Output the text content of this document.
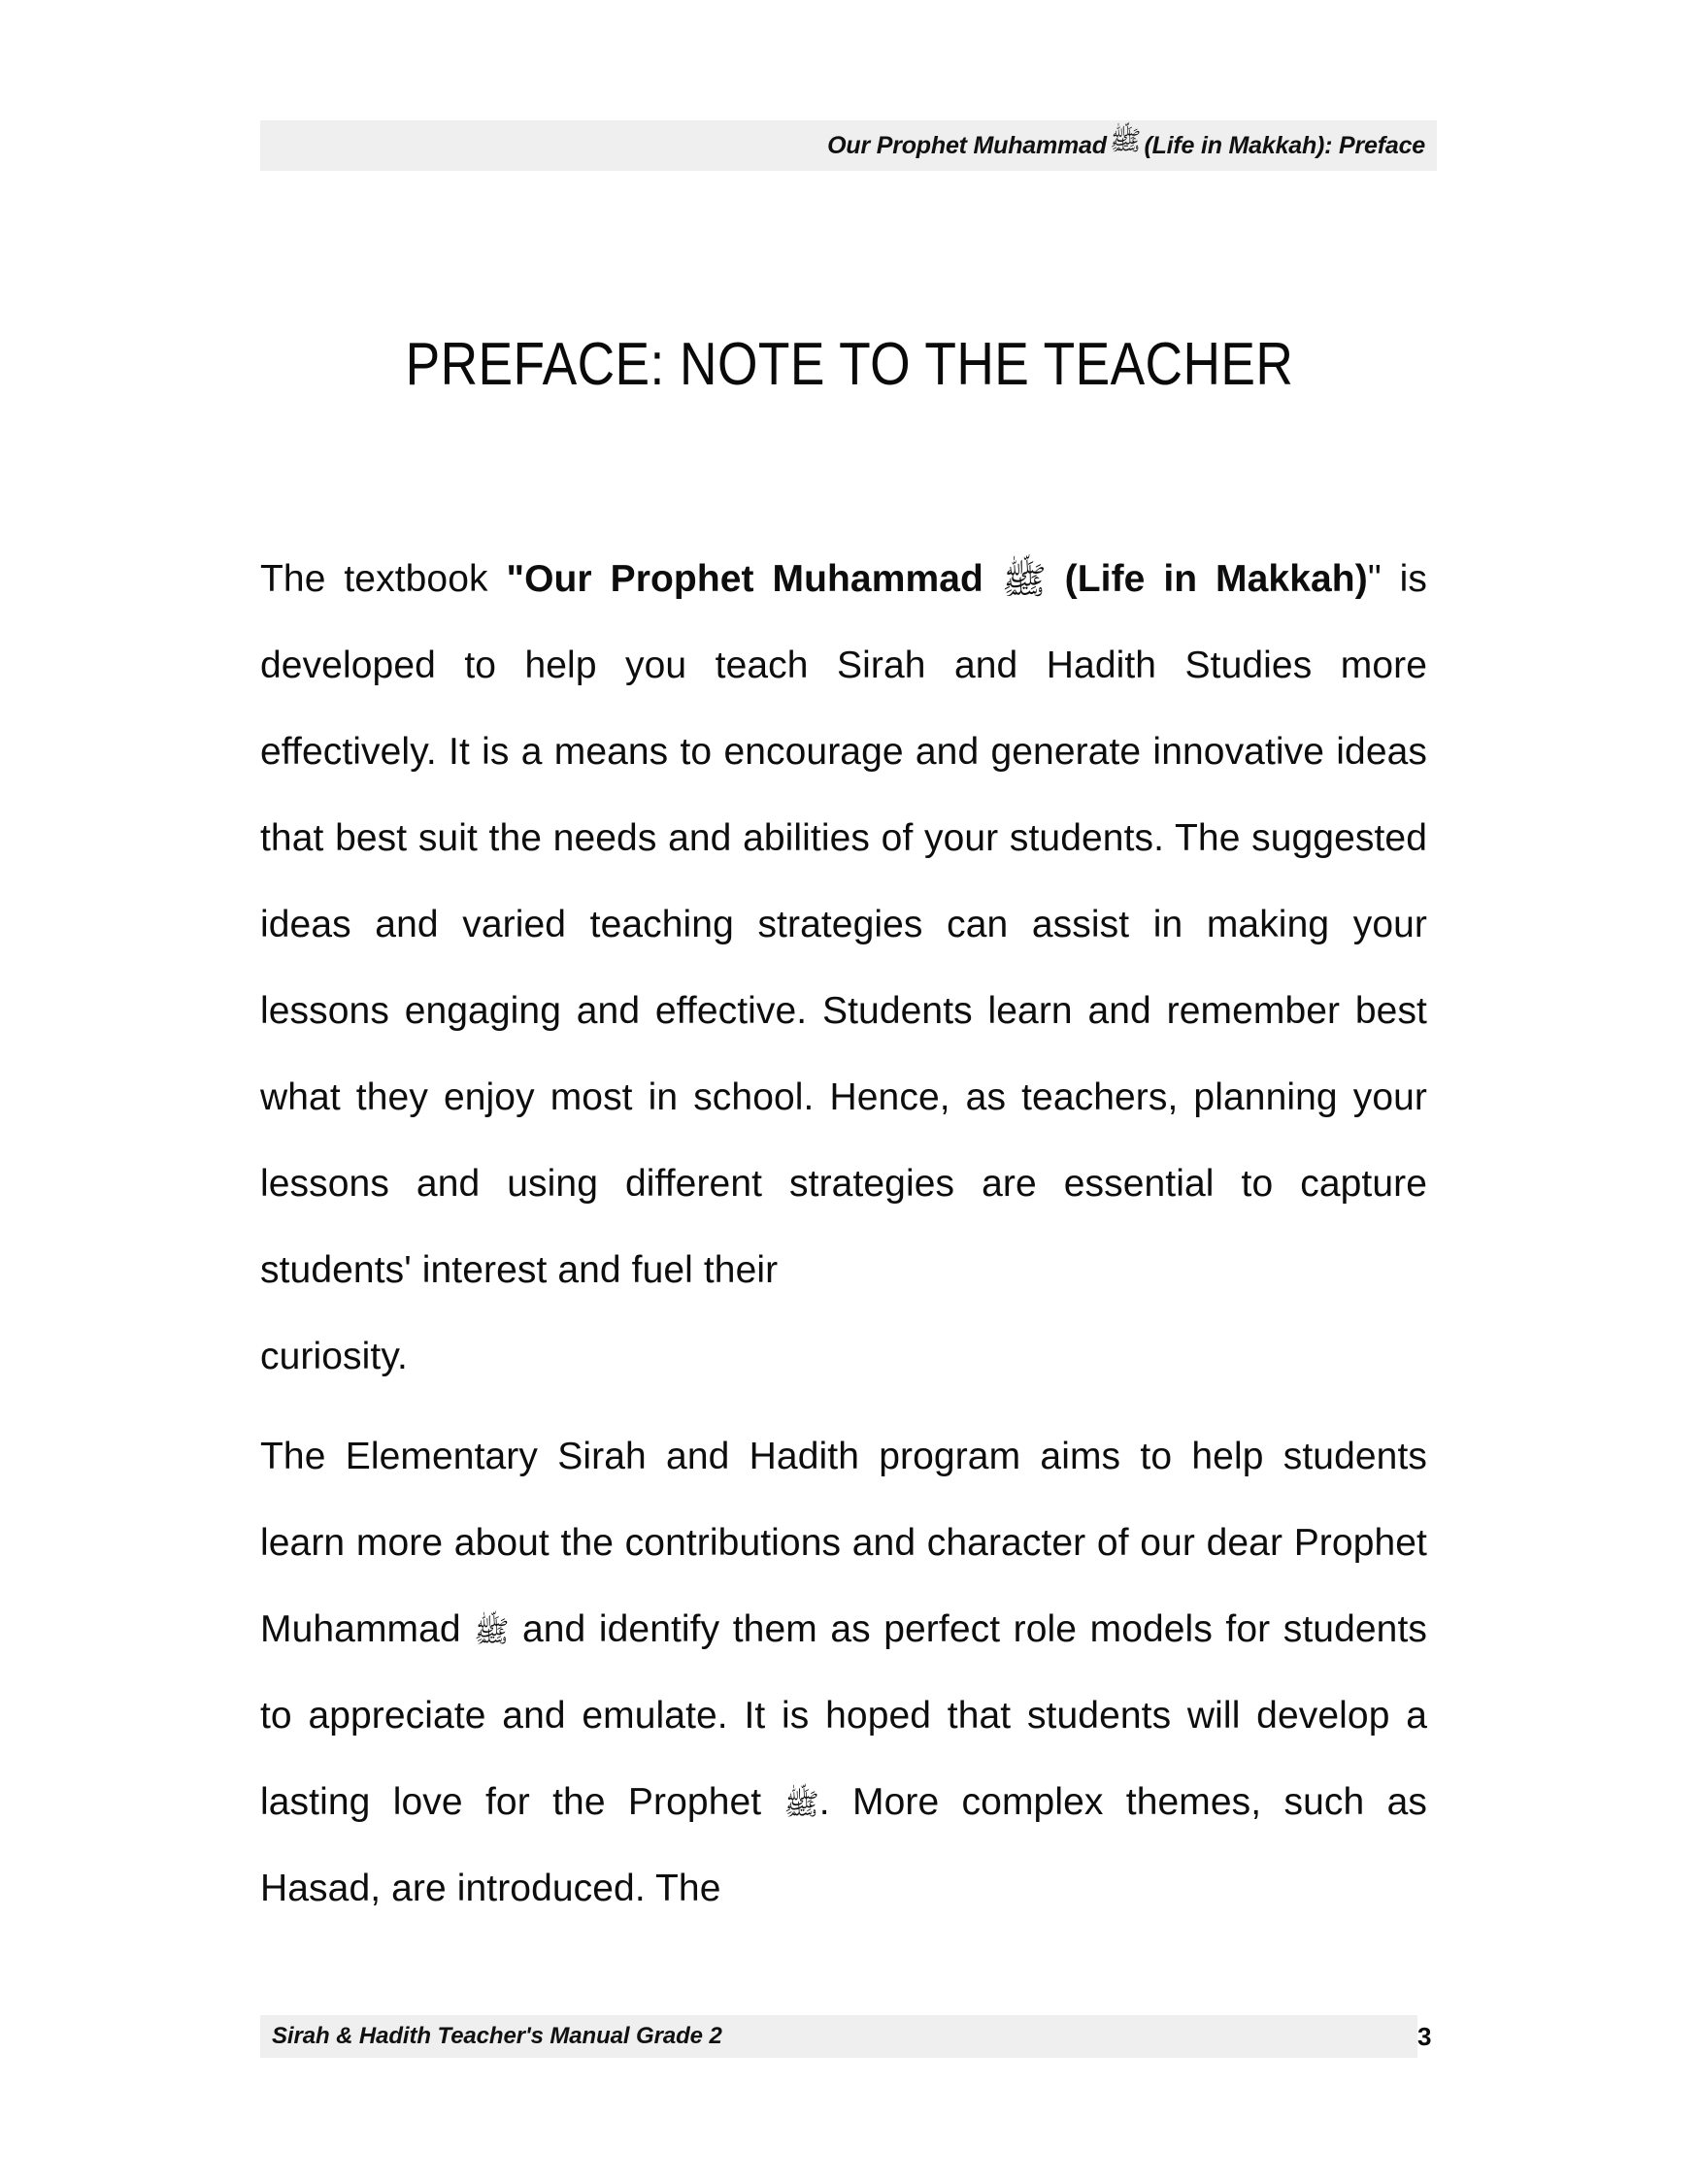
Our Prophet Muhammad ﷺ (Life in Makkah): Preface
PREFACE: NOTE TO THE TEACHER

The textbook "Our Prophet Muhammad ﷺ (Life in Makkah)" is developed to help you teach Sirah and Hadith Studies more effectively. It is a means to encourage and generate innovative ideas that best suit the needs and abilities of your students. The suggested ideas and varied teaching strategies can assist in making your lessons engaging and effective. Students learn and remember best what they enjoy most in school. Hence, as teachers, planning your lessons and using different strategies are essential to capture students' interest and fuel their
curiosity.

The Elementary Sirah and Hadith program aims to help students learn more about the contributions and character of our dear Prophet Muhammad ﷺ and identify them as perfect role models for students to appreciate and emulate. It is hoped that students will develop a lasting love for the Prophet ﷺ. More complex themes, such as Hasad, are introduced. The

Sirah & Hadith Teacher's Manual Grade 2	3
